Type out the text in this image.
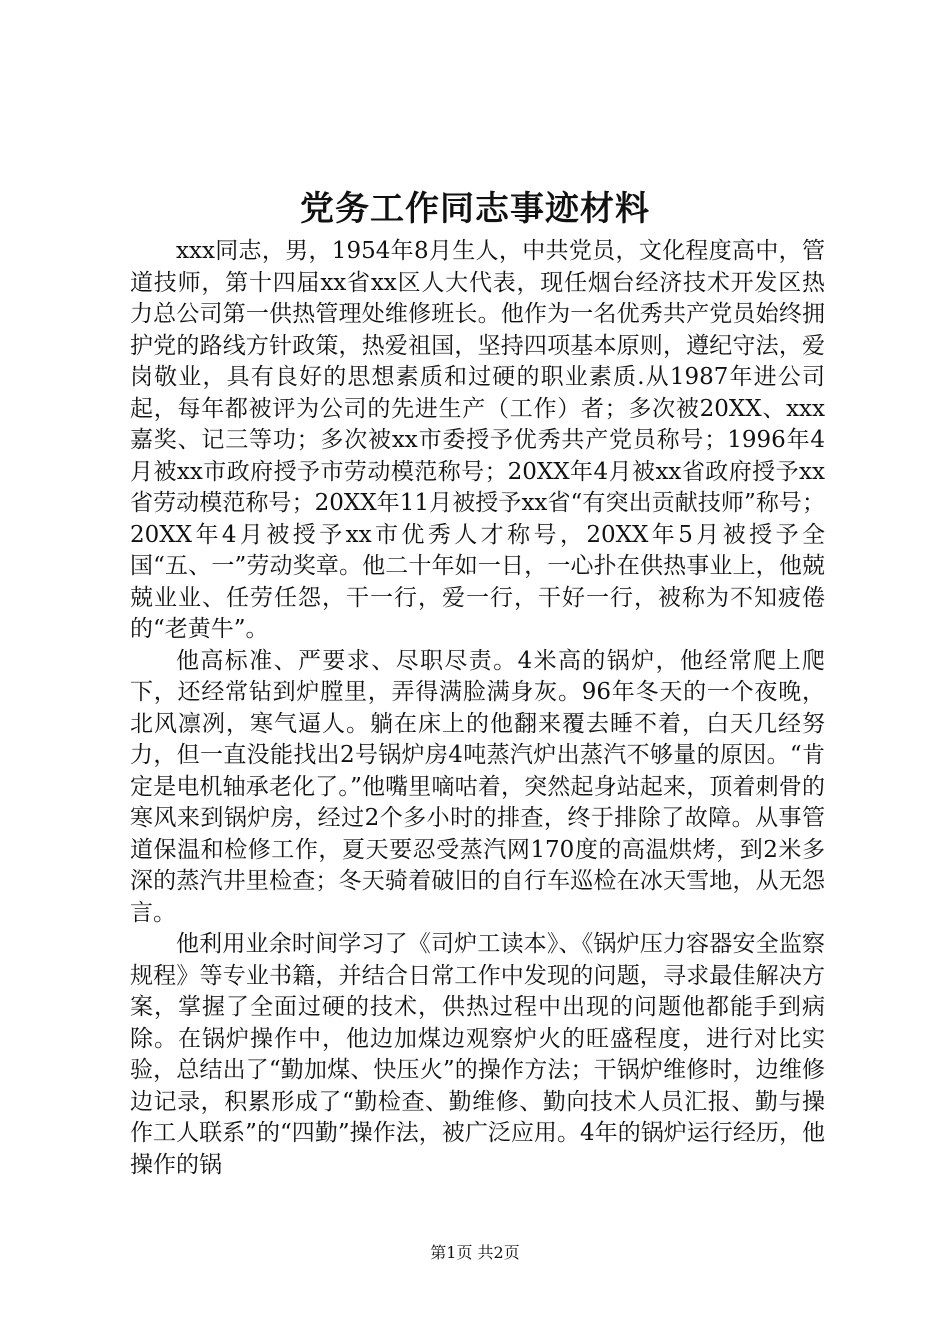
党务工作同志事迹材料

xxx同志，男，1954年8月生人，中共党员，文化程度高中，管道技师，第十四届xx省xx区人大代表，现任烟台经济技术开发区热力总公司第一供热管理处维修班长。他作为一名优秀共产党员始终拥护党的路线方针政策，热爱祖国，坚持四项基本原则，遵纪守法，爱岗敬业，具有良好的思想素质和过硬的职业素质.从1987年进公司起，每年都被评为公司的先进生产（工作）者；多次被20XX、xxx嘉奖、记三等功；多次被xx市委授予优秀共产党员称号；1996年4月被xx市政府授予市劳动模范称号；20XX年4月被xx省政府授予xx省劳动模范称号；20XX年11月被授予xx省“有突出贡献技师”称号；20XX年4月被授予xx市优秀人才称号，20XX年5月被授予全国“五、一”劳动奖章。他二十年如一日，一心扑在供热事业上，他兢兢业业、任劳任怨，干一行，爱一行，干好一行，被称为不知疲倦的“老黄牛”。

他高标准、严要求、尽职尽责。4米高的锅炉，他经常爬上爬下，还经常钻到炉膛里，弄得满脸满身灰。96年冬天的一个夜晚，北风凛冽，寒气逼人。躺在床上的他翻来覆去睡不着，白天几经努力，但一直没能找出2号锅炉房4吨蒸汽炉出蒸汽不够量的原因。“肯定是电机轴承老化了。”他嘴里嘀咕着，突然起身站起来，顶着刺骨的寒风来到锅炉房，经过2个多小时的排查，终于排除了故障。从事管道保温和检修工作，夏天要忍受蒸汽网170度的高温烘烤，到2米多深的蒸汽井里检查；冬天骑着破旧的自行车巡检在冰天雪地，从无怨言。

他利用业余时间学习了《司炉工读本》、《锅炉压力容器安全监察规程》等专业书籍，并结合日常工作中发现的问题，寻求最佳解决方案，掌握了全面过硬的技术，供热过程中出现的问题他都能手到病除。在锅炉操作中，他边加煤边观察炉火的旺盛程度，进行对比实验，总结出了“勤加煤、快压火”的操作方法；干锅炉维修时，边维修边记录，积累形成了“勤检查、勤维修、勤向技术人员汇报、勤与操作工人联系”的“四勤”操作法，被广泛应用。4年的锅炉运行经历，他操作的锅

第1页 共2页
